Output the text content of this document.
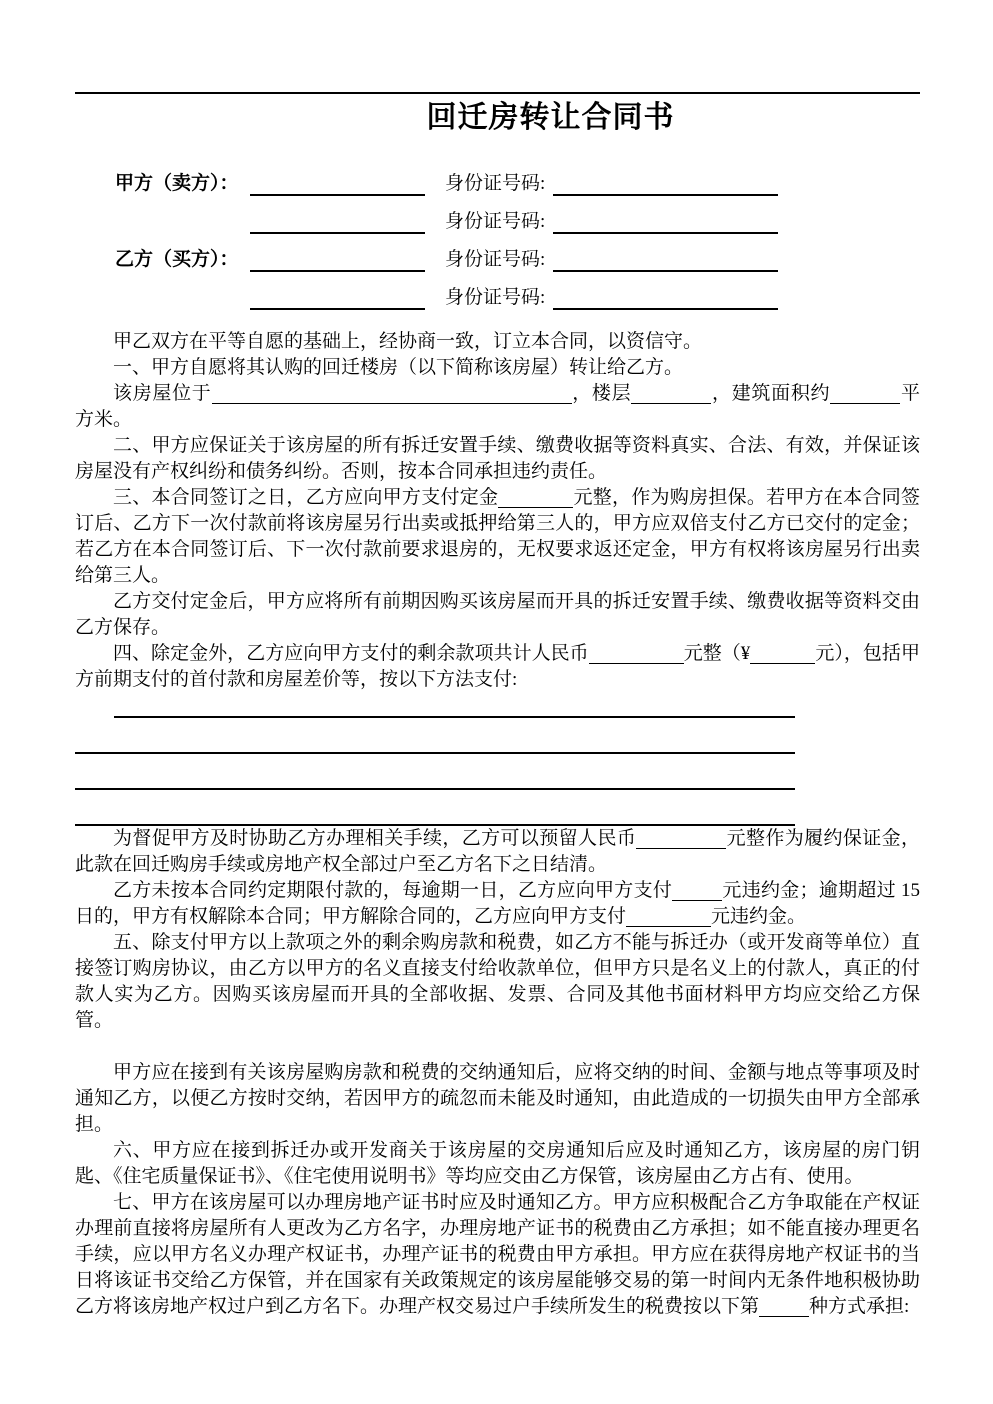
回迁房转让合同书
甲方（卖方）：	身份证号码:
身份证号码:
乙方（买方）：	身份证号码:
身份证号码:

甲乙双方在平等自愿的基础上，经协商一致，订立本合同，以资信守。

一、甲方自愿将其认购的回迁楼房（以下简称该房屋）转让给乙方。

该房屋位于	，楼层	，建筑面积约	平方米。

二、甲方应保证关于该房屋的所有拆迁安置手续、缴费收据等资料真实、合法、有效，并保证该房屋没有产权纠纷和债务纠纷。否则，按本合同承担违约责任。

三、本合同签订之日，乙方应向甲方支付定金	元整，作为购房担保。若甲方在本合同签订后、乙方下一次付款前将该房屋另行出卖或抵押给第三人的，甲方应双倍支付乙方已交付的定金；若乙方在本合同签订后、下一次付款前要求退房的，无权要求返还定金，甲方有权将该房屋另行出卖给第三人。

乙方交付定金后，甲方应将所有前期因购买该房屋而开具的拆迁安置手续、缴费收据等资料交由乙方保存。

四、除定金外，乙方应向甲方支付的剩余款项共计人民币	元整（¥	元），包括甲方前期支付的首付款和房屋差价等，按以下方法支付:

为督促甲方及时协助乙方办理相关手续，乙方可以预留人民币	元整作为履约保证金，此款在回迁购房手续或房地产权全部过户至乙方名下之日结清。

乙方未按本合同约定期限付款的，每逾期一日，乙方应向甲方支付	元违约金；逾期超过 15 日的，甲方有权解除本合同；甲方解除合同的，乙方应向甲方支付	元违约金。

五、除支付甲方以上款项之外的剩余购房款和税费，如乙方不能与拆迁办（或开发商等单位）直接签订购房协议，由乙方以甲方的名义直接支付给收款单位，但甲方只是名义上的付款人，真正的付款人实为乙方。因购买该房屋而开具的全部收据、发票、合同及其他书面材料甲方均应交给乙方保管。

甲方应在接到有关该房屋购房款和税费的交纳通知后，应将交纳的时间、金额与地点等事项及时通知乙方，以便乙方按时交纳，若因甲方的疏忽而未能及时通知，由此造成的一切损失由甲方全部承担。

六、甲方应在接到拆迁办或开发商关于该房屋的交房通知后应及时通知乙方，该房屋的房门钥匙、《住宅质量保证书》、《住宅使用说明书》等均应交由乙方保管，该房屋由乙方占有、使用。

七、甲方在该房屋可以办理房地产证书时应及时通知乙方。甲方应积极配合乙方争取能在产权证办理前直接将房屋所有人更改为乙方名字，办理房地产证书的税费由乙方承担；如不能直接办理更名手续，应以甲方名义办理产权证书，办理产证书的税费由甲方承担。甲方应在获得房地产权证书的当日将该证书交给乙方保管，并在国家有关政策规定的该房屋能够交易的第一时间内无条件地积极协助乙方将该房地产权过户到乙方名下。办理产权交易过户手续所发生的税费按以下第	种方式承担:
